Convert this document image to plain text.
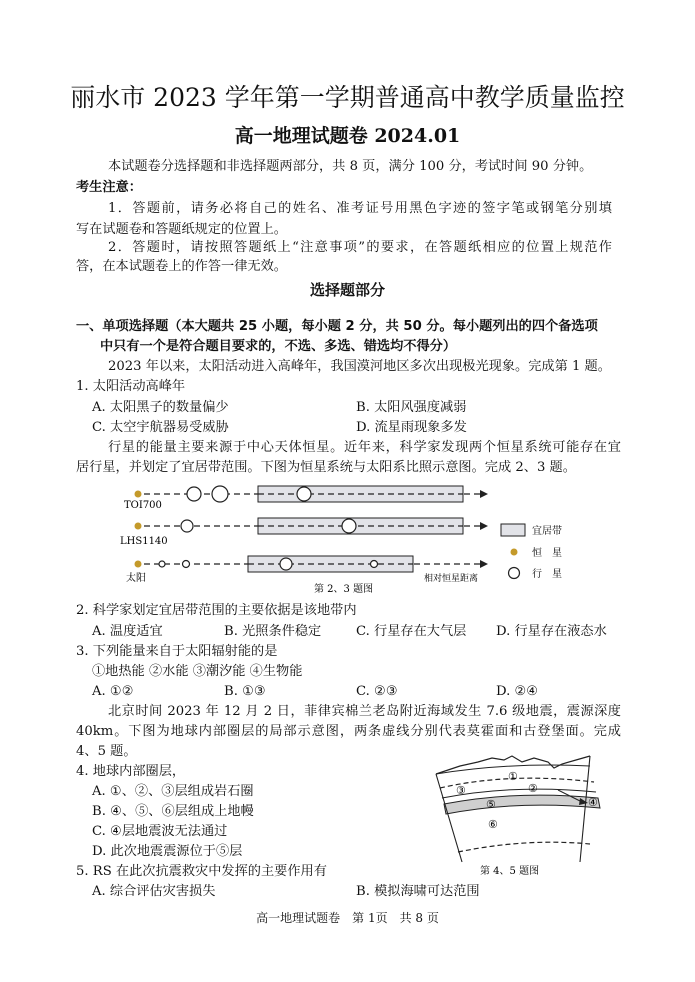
丽水市 2023 学年第一学期普通高中教学质量监控
高一地理试题卷 2024.01
本试题卷分选择题和非选择题两部分，共 8 页，满分 100 分，考试时间 90 分钟。
考生注意：
1．答题前，请务必将自己的姓名、准考证号用黑色字迹的签字笔或钢笔分别填
写在试题卷和答题纸规定的位置上。
2．答题时，请按照答题纸上“注意事项”的要求，在答题纸相应的位置上规范作
答，在本试题卷上的作答一律无效。
选择题部分
一、单项选择题（本大题共 25 小题，每小题 2 分，共 50 分。每小题列出的四个备选项
中只有一个是符合题目要求的，不选、多选、错选均不得分）
2023 年以来，太阳活动进入高峰年，我国漠河地区多次出现极光现象。完成第 1 题。
1. 太阳活动高峰年
A. 太阳黑子的数量偏少	B. 太阳风强度减弱
C. 太空宇航器易受威胁	D. 流星雨现象多发
行星的能量主要来源于中心天体恒星。近年来，科学家发现两个恒星系统可能存在宜
居行星，并划定了宜居带范围。下图为恒星系统与太阳系比照示意图。完成 2、3 题。
TOI700
LHS1140
太阳	相对恒星距离
第 2、3 题图
宜居带
恒　星
行　星
2. 科学家划定宜居带范围的主要依据是该地带内
A. 温度适宜	B. 光照条件稳定	C. 行星存在大气层 D. 行星存在液态水
3. 下列能量来自于太阳辐射能的是
①地热能 ②水能 ③潮汐能 ④生物能
A. ①②	B. ①③	C. ②③	D. ②④
北京时间 2023 年 12 月 2 日，菲律宾棉兰老岛附近海域发生 7.6 级地震，震源深度
40km。下图为地球内部圈层的局部示意图，两条虚线分别代表莫霍面和古登堡面。完成
4、5 题。
4. 地球内部圈层，
A. ①、②、③层组成岩石圈
B. ④、⑤、⑥层组成上地幔
C. ④层地震波无法通过
D. 此次地震震源位于⑤层
5. RS 在此次抗震救灾中发挥的主要作用有
A. 综合评估灾害损失	B. 模拟海啸可达范围
①
②
③
④
⑤
⑥
第 4、5 题图
高一地理试题卷　第 1页　共 8 页
